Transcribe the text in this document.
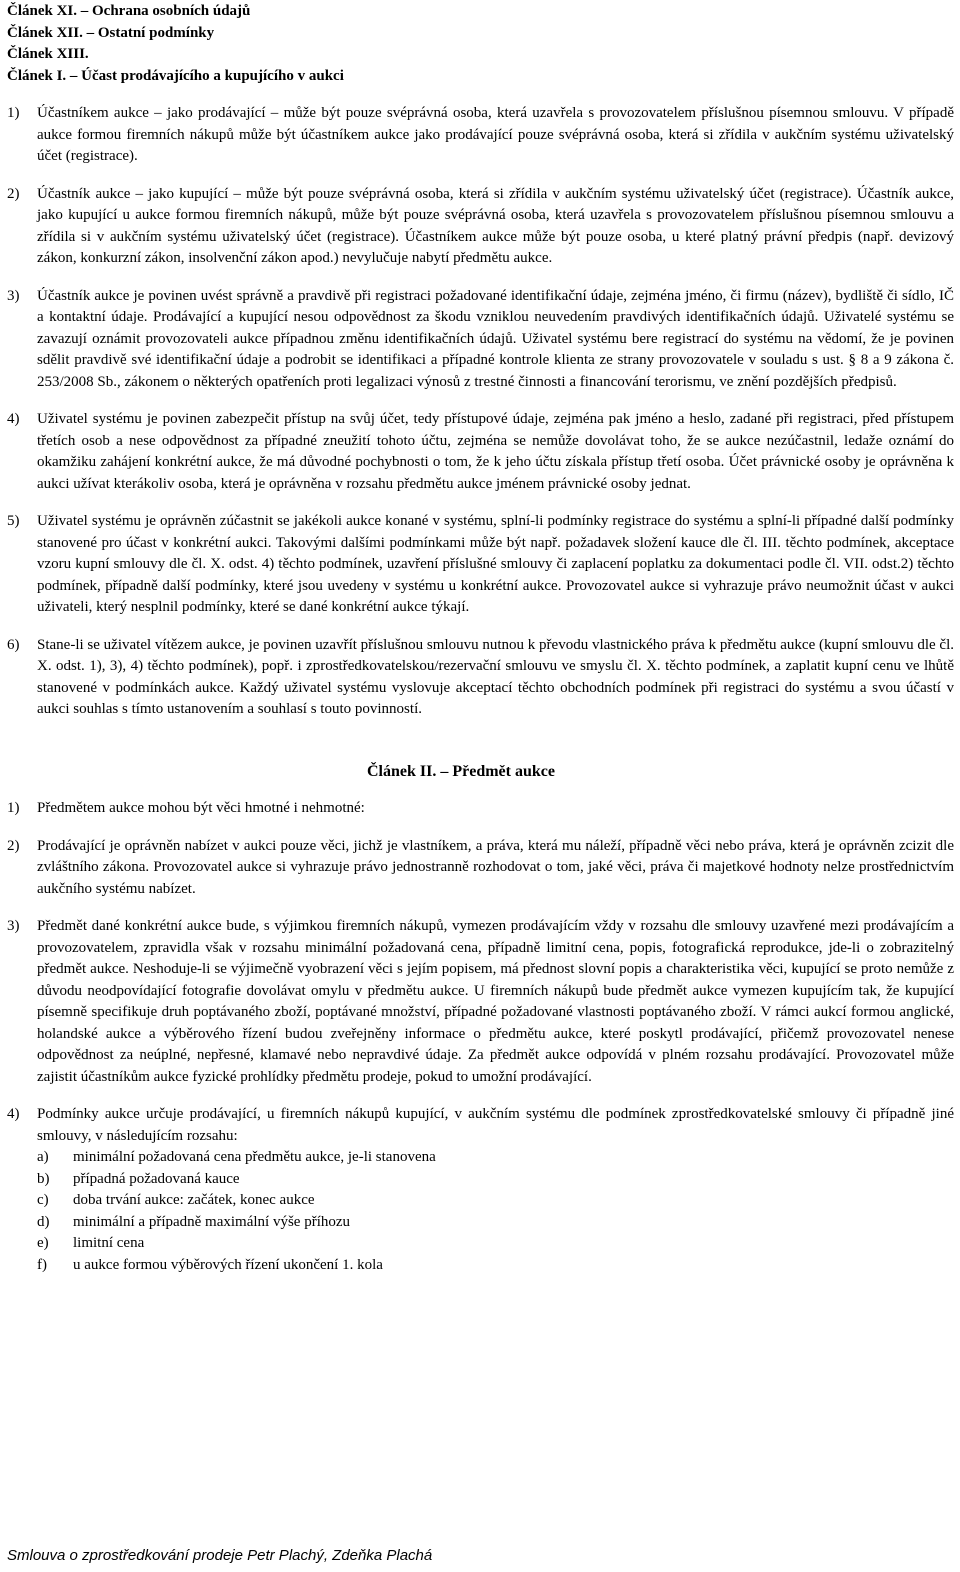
Článek XI. – Ochrana osobních údajů
Článek XII. – Ostatní podmínky
Článek XIII.
Článek I. – Účast prodávajícího a kupujícího v aukci
1) Účastníkem aukce – jako prodávající – může být pouze svéprávná osoba, která uzavřela s provozovatelem příslušnou písemnou smlouvu. V případě aukce formou firemních nákupů může být účastníkem aukce jako prodávající pouze svéprávná osoba, která si zřídila v aukčním systému uživatelský účet (registrace).
2) Účastník aukce – jako kupující – může být pouze svéprávná osoba, která si zřídila v aukčním systému uživatelský účet (registrace). Účastník aukce, jako kupující u aukce formou firemních nákupů, může být pouze svéprávná osoba, která uzavřela s provozovatelem příslušnou písemnou smlouvu a zřídila si v aukčním systému uživatelský účet (registrace). Účastníkem aukce může být pouze osoba, u které platný právní předpis (např. devizový zákon, konkurzní zákon, insolvenční zákon apod.) nevylučuje nabytí předmětu aukce.
3) Účastník aukce je povinen uvést správně a pravdivě při registraci požadované identifikační údaje, zejména jméno, či firmu (název), bydliště či sídlo, IČ a kontaktní údaje. Prodávající a kupující nesou odpovědnost za škodu vzniklou neuvedením pravdivých identifikačních údajů. Uživatelé systému se zavazují oznámit provozovateli aukce případnou změnu identifikačních údajů. Uživatel systému bere registrací do systému na vědomí, že je povinen sdělit pravdivě své identifikační údaje a podrobit se identifikaci a případné kontrole klienta ze strany provozovatele v souladu s ust. § 8 a 9 zákona č. 253/2008 Sb., zákonem o některých opatřeních proti legalizaci výnosů z trestné činnosti a financování terorismu, ve znění pozdějších předpisů.
4) Uživatel systému je povinen zabezpečit přístup na svůj účet, tedy přístupové údaje, zejména pak jméno a heslo, zadané při registraci, před přístupem třetích osob a nese odpovědnost za případné zneužití tohoto účtu, zejména se nemůže dovolávat toho, že se aukce nezúčastnil, ledaže oznámí do okamžiku zahájení konkrétní aukce, že má důvodné pochybnosti o tom, že k jeho účtu získala přístup třetí osoba. Účet právnické osoby je oprávněna k aukci užívat kterákoliv osoba, která je oprávněna v rozsahu předmětu aukce jménem právnické osoby jednat.
5) Uživatel systému je oprávněn zúčastnit se jakékoli aukce konané v systému, splní-li podmínky registrace do systému a splní-li případné další podmínky stanovené pro účast v konkrétní aukci. Takovými dalšími podmínkami může být např. požadavek složení kauce dle čl. III. těchto podmínek, akceptace vzoru kupní smlouvy dle čl. X. odst. 4) těchto podmínek, uzavření příslušné smlouvy či zaplacení poplatku za dokumentaci podle čl. VII. odst.2) těchto podmínek, případně další podmínky, které jsou uvedeny v systému u konkrétní aukce. Provozovatel aukce si vyhrazuje právo neumožnit účast v aukci uživateli, který nesplnil podmínky, které se dané konkrétní aukce týkají.
6) Stane-li se uživatel vítězem aukce, je povinen uzavřít příslušnou smlouvu nutnou k převodu vlastnického práva k předmětu aukce (kupní smlouvu dle čl. X. odst. 1), 3), 4) těchto podmínek), popř. i zprostředkovatelskou/rezervační smlouvu ve smyslu čl. X. těchto podmínek, a zaplatit kupní cenu ve lhůtě stanovené v podmínkách aukce. Každý uživatel systému vyslovuje akceptací těchto obchodních podmínek při registraci do systému a svou účastí v aukci souhlas s tímto ustanovením a souhlasí s touto povinností.
Článek II. – Předmět aukce
1) Předmětem aukce mohou být věci hmotné i nehmotné:
2) Prodávající je oprávněn nabízet v aukci pouze věci, jichž je vlastníkem, a práva, která mu náleží, případně věci nebo práva, která je oprávněn zcizit dle zvláštního zákona. Provozovatel aukce si vyhrazuje právo jednostranně rozhodovat o tom, jaké věci, práva či majetkové hodnoty nelze prostřednictvím aukčního systému nabízet.
3) Předmět dané konkrétní aukce bude, s výjimkou firemních nákupů, vymezen prodávajícím vždy v rozsahu dle smlouvy uzavřené mezi prodávajícím a provozovatelem, zpravidla však v rozsahu minimální požadovaná cena, případně limitní cena, popis, fotografická reprodukce, jde-li o zobrazitelný předmět aukce. Neshoduje-li se výjimečně vyobrazení věci s jejím popisem, má přednost slovní popis a charakteristika věci, kupující se proto nemůže z důvodu neodpovídající fotografie dovolávat omylu v předmětu aukce. U firemních nákupů bude předmět aukce vymezen kupujícím tak, že kupující písemně specifikuje druh poptávaného zboží, poptávané množství, případné požadované vlastnosti poptávaného zboží. V rámci aukcí formou anglické, holandské aukce a výběrového řízení budou zveřejněny informace o předmětu aukce, které poskytl prodávající, přičemž provozovatel nenese odpovědnost za neúplné, nepřesné, klamavé nebo nepravdivé údaje. Za předmět aukce odpovídá v plném rozsahu prodávající. Provozovatel může zajistit účastníkům aukce fyzické prohlídky předmětu prodeje, pokud to umožní prodávající.
4) Podmínky aukce určuje prodávající, u firemních nákupů kupující, v aukčním systému dle podmínek zprostředkovatelské smlouvy či případně jiné smlouvy, v následujícím rozsahu:
a) minimální požadovaná cena předmětu aukce, je-li stanovena
b) případná požadovaná kauce
c) doba trvání aukce: začátek, konec aukce
d) minimální a případně maximální výše příhozu
e) limitní cena
f) u aukce formou výběrových řízení ukončení 1. kola
Smlouva o zprostředkování prodeje Petr Plachý, Zdeňka Plachá
